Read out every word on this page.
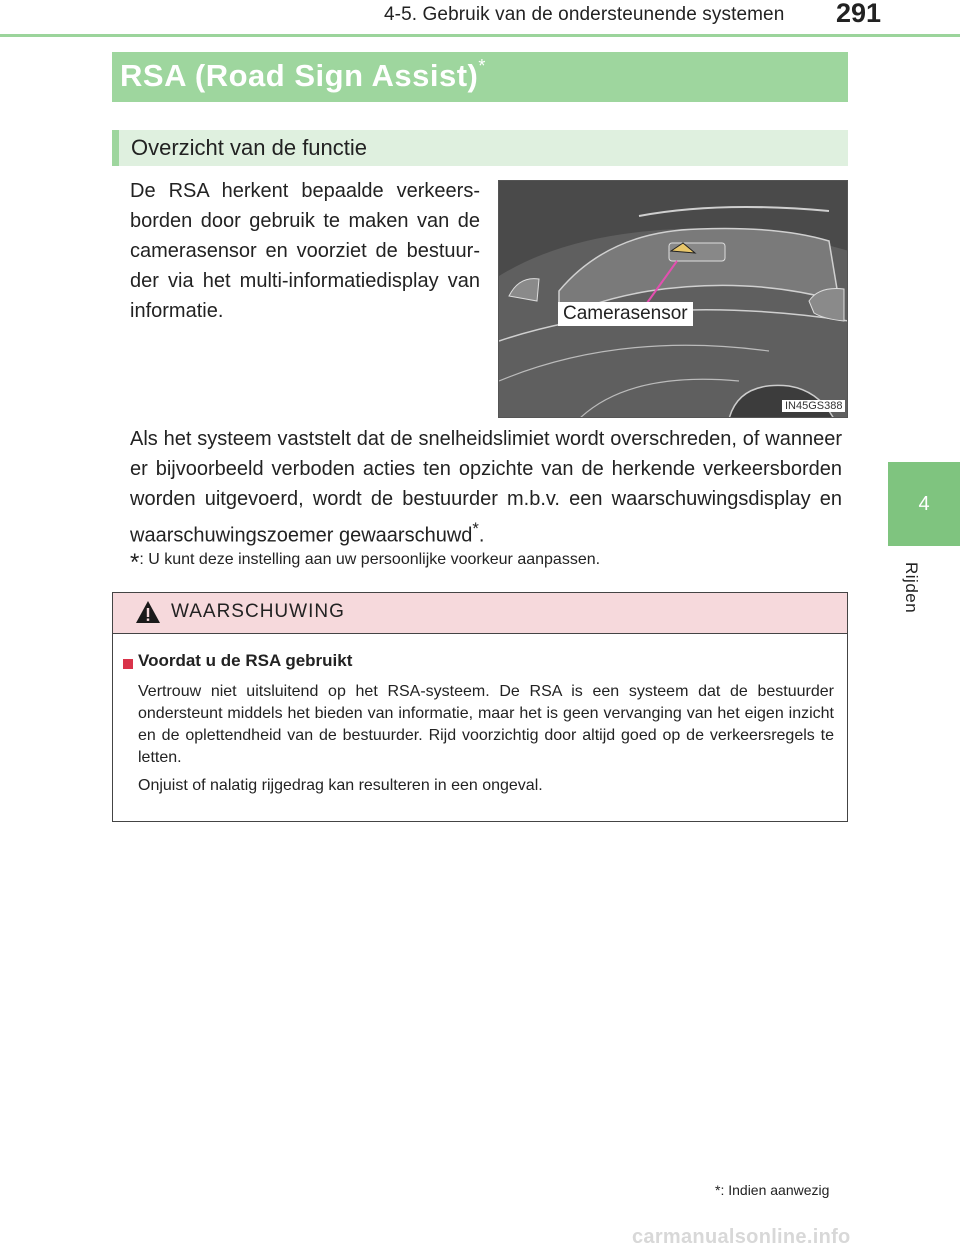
4-5. Gebruik van de ondersteunende systemen 291
4
Rijden
RSA (Road Sign Assist)*
Overzicht van de functie
De RSA herkent bepaalde verkeersborden door gebruik te maken van de camerasensor en voorziet de bestuurder via het multi-informatiedisplay van informatie.	Camerasensor
IN45GS388
Als het systeem vaststelt dat de snelheidslimiet wordt overschreden, of wanneer er bijvoorbeeld verboden acties ten opzichte van de herkende verkeersborden worden uitgevoerd, wordt de bestuurder m.b.v. een waarschuwingsdisplay en waarschuwingszoemer gewaarschuwd*.
*: U kunt deze instelling aan uw persoonlijke voorkeur aanpassen.
WAARSCHUWING
Voordat u de RSA gebruikt
Vertrouw niet uitsluitend op het RSA-systeem. De RSA is een systeem dat de bestuurder ondersteunt middels het bieden van informatie, maar het is geen vervanging van het eigen inzicht en de oplettendheid van de bestuurder. Rijd voorzichtig door altijd goed op de verkeersregels te letten.
Onjuist of nalatig rijgedrag kan resulteren in een ongeval.
*: Indien aanwezig
carmanualsonline.info
